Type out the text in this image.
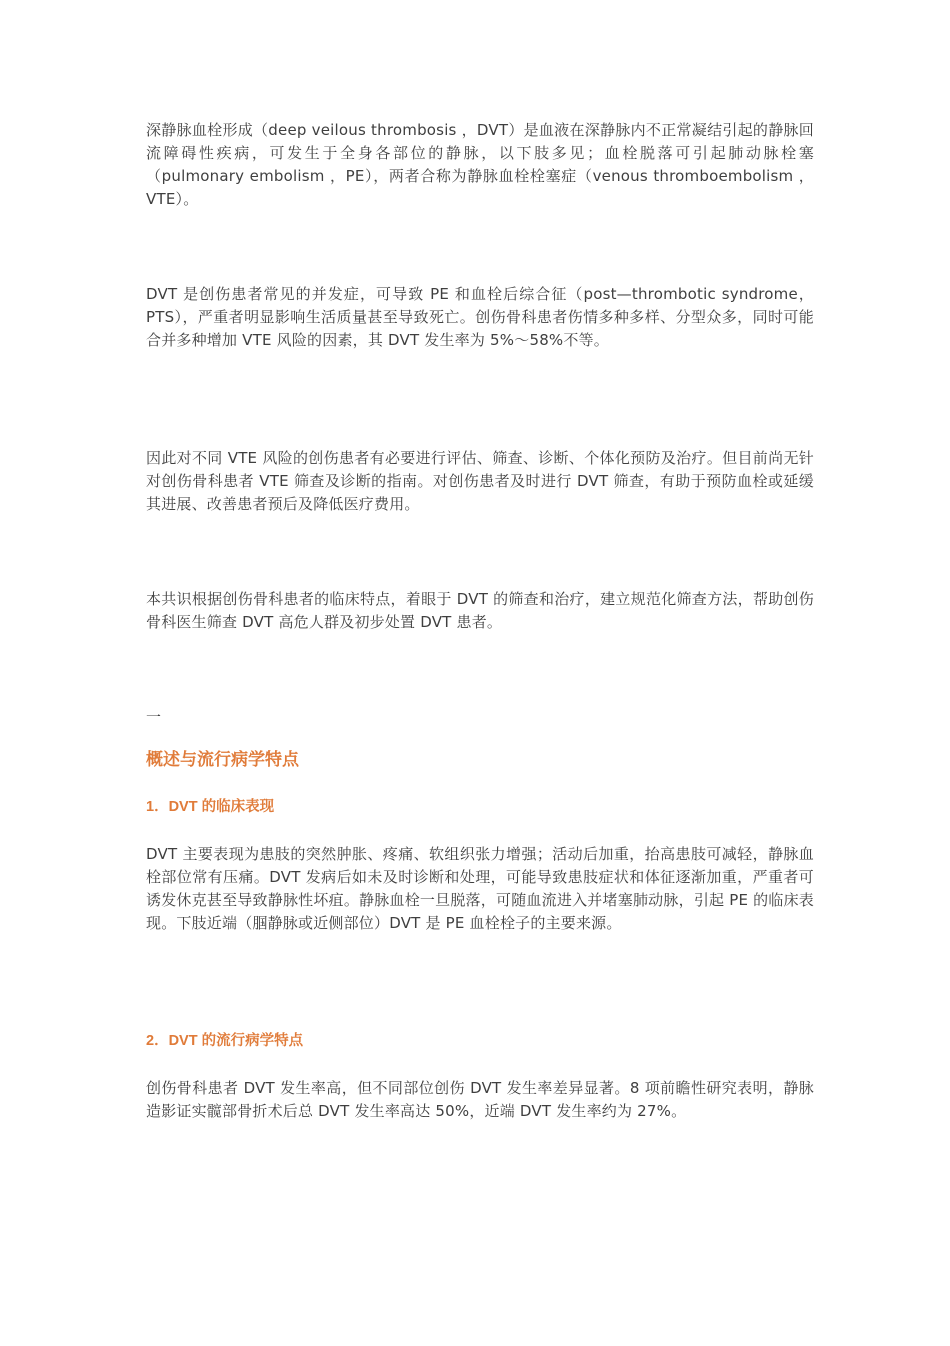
深静脉血栓形成（deep veilous thrombosis ，DVT）是血液在深静脉内不正常凝结引起的静脉回流障碍性疾病，可发生于全身各部位的静脉，以下肢多见；血栓脱落可引起肺动脉栓塞（pulmonary embolism ，PE），两者合称为静脉血栓栓塞症（venous thromboembolism ，VTE）。

DVT 是创伤患者常见的并发症，可导致 PE 和血栓后综合征（post—thrombotic syndrome， PTS），严重者明显影响生活质量甚至导致死亡。创伤骨科患者伤情多种多样、分型众多，同时可能合并多种增加 VTE 风险的因素，其 DVT 发生率为 5%～58%不等。

因此对不同 VTE 风险的创伤患者有必要进行评估、筛查、诊断、个体化预防及治疗。但目前尚无针对创伤骨科患者 VTE 筛查及诊断的指南。对创伤患者及时进行 DVT 筛查，有助于预防血栓或延缓其进展、改善患者预后及降低医疗费用。

本共识根据创伤骨科患者的临床特点，着眼于 DVT 的筛查和治疗，建立规范化筛查方法，帮助创伤骨科医生筛查 DVT 高危人群及初步处置 DVT 患者。

一
概述与流行病学特点
1．DVT 的临床表现

DVT 主要表现为患肢的突然肿胀、疼痛、软组织张力增强；活动后加重，抬高患肢可减轻，静脉血栓部位常有压痛。DVT 发病后如未及时诊断和处理，可能导致患肢症状和体征逐渐加重，严重者可诱发休克甚至导致静脉性坏疽。静脉血栓一旦脱落，可随血流进入并堵塞肺动脉，引起 PE 的临床表现。下肢近端（腘静脉或近侧部位）DVT 是 PE 血栓栓子的主要来源。

2．DVT 的流行病学特点

创伤骨科患者 DVT 发生率高，但不同部位创伤 DVT 发生率差异显著。8 项前瞻性研究表明，静脉造影证实髋部骨折术后总 DVT 发生率高达 50%，近端 DVT 发生率约为 27%。
